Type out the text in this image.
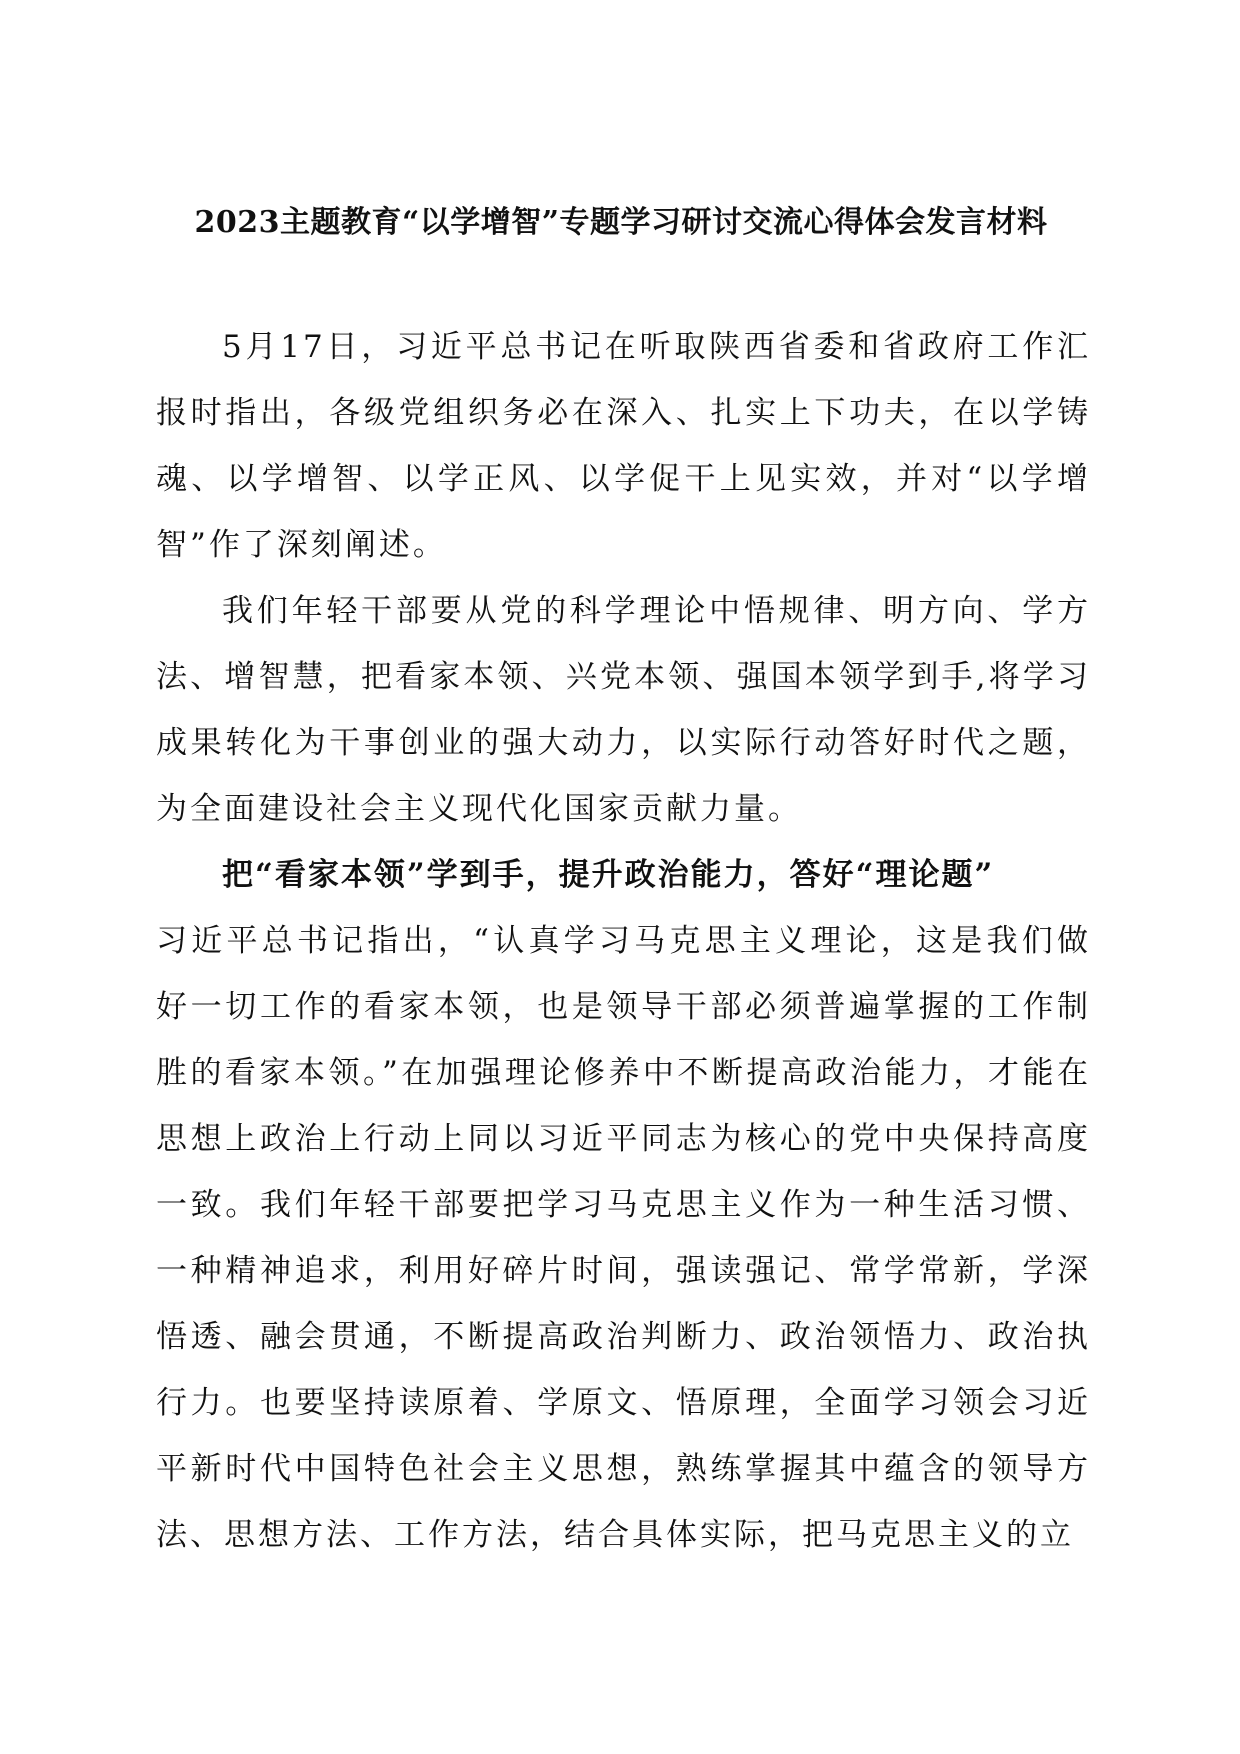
2023主题教育“以学增智”专题学习研讨交流心得体会发言材料
5月17日，习近平总书记在听取陕西省委和省政府工作汇报时指出，各级党组织务必在深入、扎实上下功夫，在以学铸魂、以学增智、以学正风、以学促干上见实效，并对“以学增智”作了深刻阐述。
我们年轻干部要从党的科学理论中悟规律、明方向、学方法、增智慧，把看家本领、兴党本领、强国本领学到手,将学习成果转化为干事创业的强大动力，以实际行动答好时代之题，为全面建设社会主义现代化国家贡献力量。
把“看家本领”学到手，提升政治能力，答好“理论题”
习近平总书记指出，“认真学习马克思主义理论，这是我们做好一切工作的看家本领，也是领导干部必须普遍掌握的工作制胜的看家本领。”在加强理论修养中不断提高政治能力，才能在思想上政治上行动上同以习近平同志为核心的党中央保持高度一致。我们年轻干部要把学习马克思主义作为一种生活习惯、一种精神追求，利用好碎片时间，强读强记、常学常新，学深悟透、融会贯通，不断提高政治判断力、政治领悟力、政治执行力。也要坚持读原着、学原文、悟原理，全面学习领会习近平新时代中国特色社会主义思想，熟练掌握其中蕴含的领导方法、思想方法、工作方法，结合具体实际，把马克思主义的立
